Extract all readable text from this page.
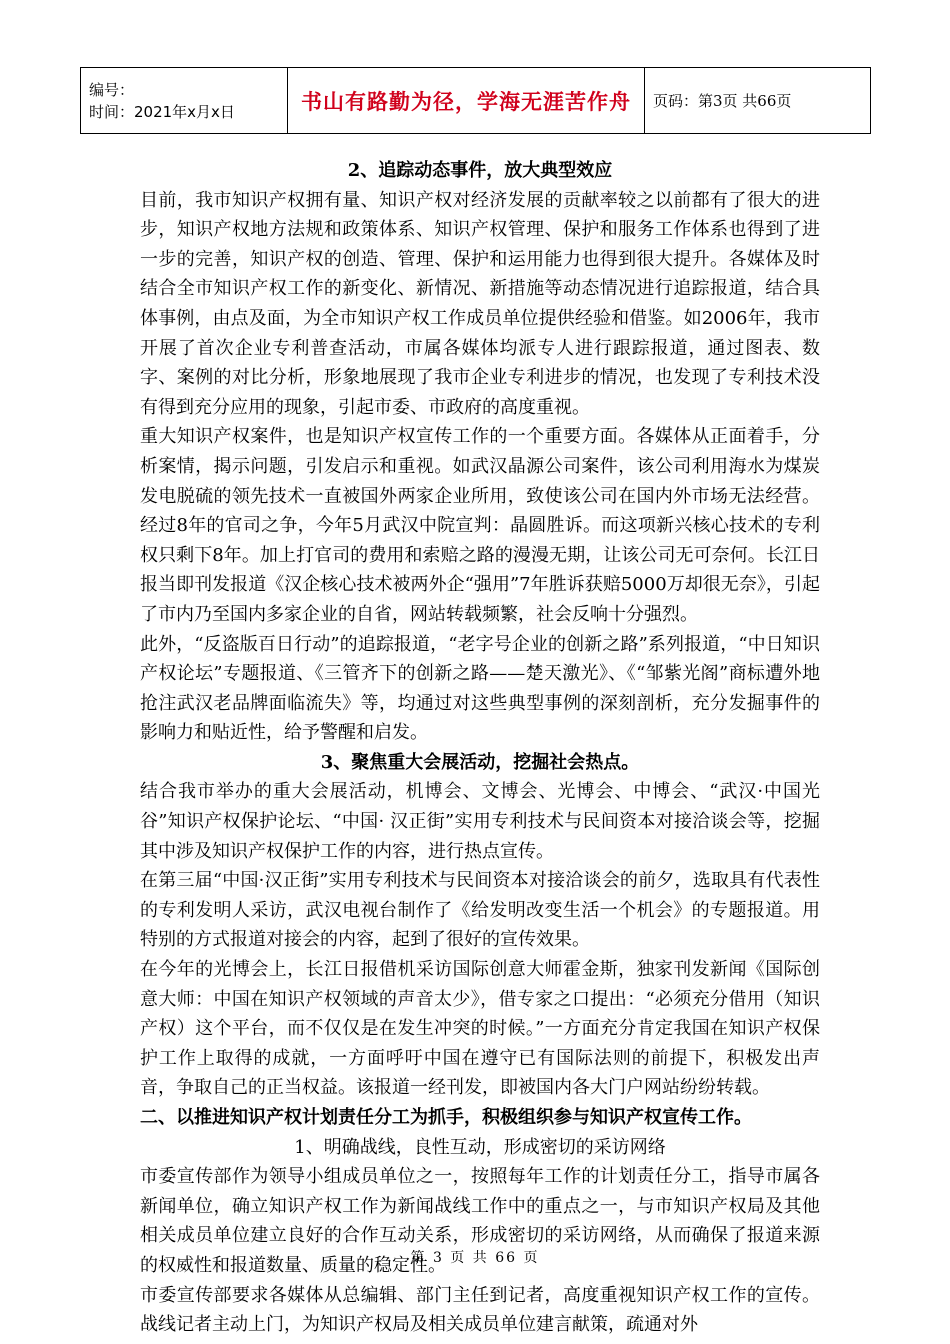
编号：
时间：2021年x月x日	书山有路勤为径，学海无涯苦作舟	页码：第3页 共66页

2、追踪动态事件，放大典型效应

目前，我市知识产权拥有量、知识产权对经济发展的贡献率较之以前都有了很大的进步，知识产权地方法规和政策体系、知识产权管理、保护和服务工作体系也得到了进一步的完善，知识产权的创造、管理、保护和运用能力也得到很大提升。各媒体及时结合全市知识产权工作的新变化、新情况、新措施等动态情况进行追踪报道，结合具体事例，由点及面，为全市知识产权工作成员单位提供经验和借鉴。如2006年，我市开展了首次企业专利普查活动，市属各媒体均派专人进行跟踪报道，通过图表、数字、案例的对比分析，形象地展现了我市企业专利进步的情况，也发现了专利技术没有得到充分应用的现象，引起市委、市政府的高度重视。

重大知识产权案件，也是知识产权宣传工作的一个重要方面。各媒体从正面着手，分析案情，揭示问题，引发启示和重视。如武汉晶源公司案件，该公司利用海水为煤炭发电脱硫的领先技术一直被国外两家企业所用，致使该公司在国内外市场无法经营。经过8年的官司之争，今年5月武汉中院宣判：晶圆胜诉。而这项新兴核心技术的专利权只剩下8年。加上打官司的费用和索赔之路的漫漫无期，让该公司无可奈何。长江日报当即刊发报道《汉企核心技术被两外企“强用”7年胜诉获赔5000万却很无奈》，引起了市内乃至国内多家企业的自省，网站转载频繁，社会反响十分强烈。

此外，“反盗版百日行动”的追踪报道，“老字号企业的创新之路”系列报道，“中日知识产权论坛”专题报道、《三管齐下的创新之路——楚天激光》、《“邹紫光阁”商标遭外地抢注武汉老品牌面临流失》等，均通过对这些典型事例的深刻剖析，充分发掘事件的影响力和贴近性，给予警醒和启发。

3、聚焦重大会展活动，挖掘社会热点。

结合我市举办的重大会展活动，机博会、文博会、光博会、中博会、“武汉·中国光谷”知识产权保护论坛、“中国· 汉正街”实用专利技术与民间资本对接洽谈会等，挖掘其中涉及知识产权保护工作的内容，进行热点宣传。

在第三届“中国·汉正街”实用专利技术与民间资本对接洽谈会的前夕，选取具有代表性的专利发明人采访，武汉电视台制作了《给发明改变生活一个机会》的专题报道。用特别的方式报道对接会的内容，起到了很好的宣传效果。

在今年的光博会上，长江日报借机采访国际创意大师霍金斯，独家刊发新闻《国际创意大师：中国在知识产权领域的声音太少》，借专家之口提出：“必须充分借用（知识产权）这个平台，而不仅仅是在发生冲突的时候。”一方面充分肯定我国在知识产权保护工作上取得的成就，一方面呼吁中国在遵守已有国际法则的前提下，积极发出声音，争取自己的正当权益。该报道一经刊发，即被国内各大门户网站纷纷转载。

二、以推进知识产权计划责任分工为抓手，积极组织参与知识产权宣传工作。

1、明确战线，良性互动，形成密切的采访网络

市委宣传部作为领导小组成员单位之一，按照每年工作的计划责任分工，指导市属各新闻单位，确立知识产权工作为新闻战线工作中的重点之一，与市知识产权局及其他相关成员单位建立良好的合作互动关系，形成密切的采访网络，从而确保了报道来源的权威性和报道数量、质量的稳定性。

市委宣传部要求各媒体从总编辑、部门主任到记者，高度重视知识产权工作的宣传。战线记者主动上门，为知识产权局及相关成员单位建言献策，疏通对外

第 3 页 共 66 页
